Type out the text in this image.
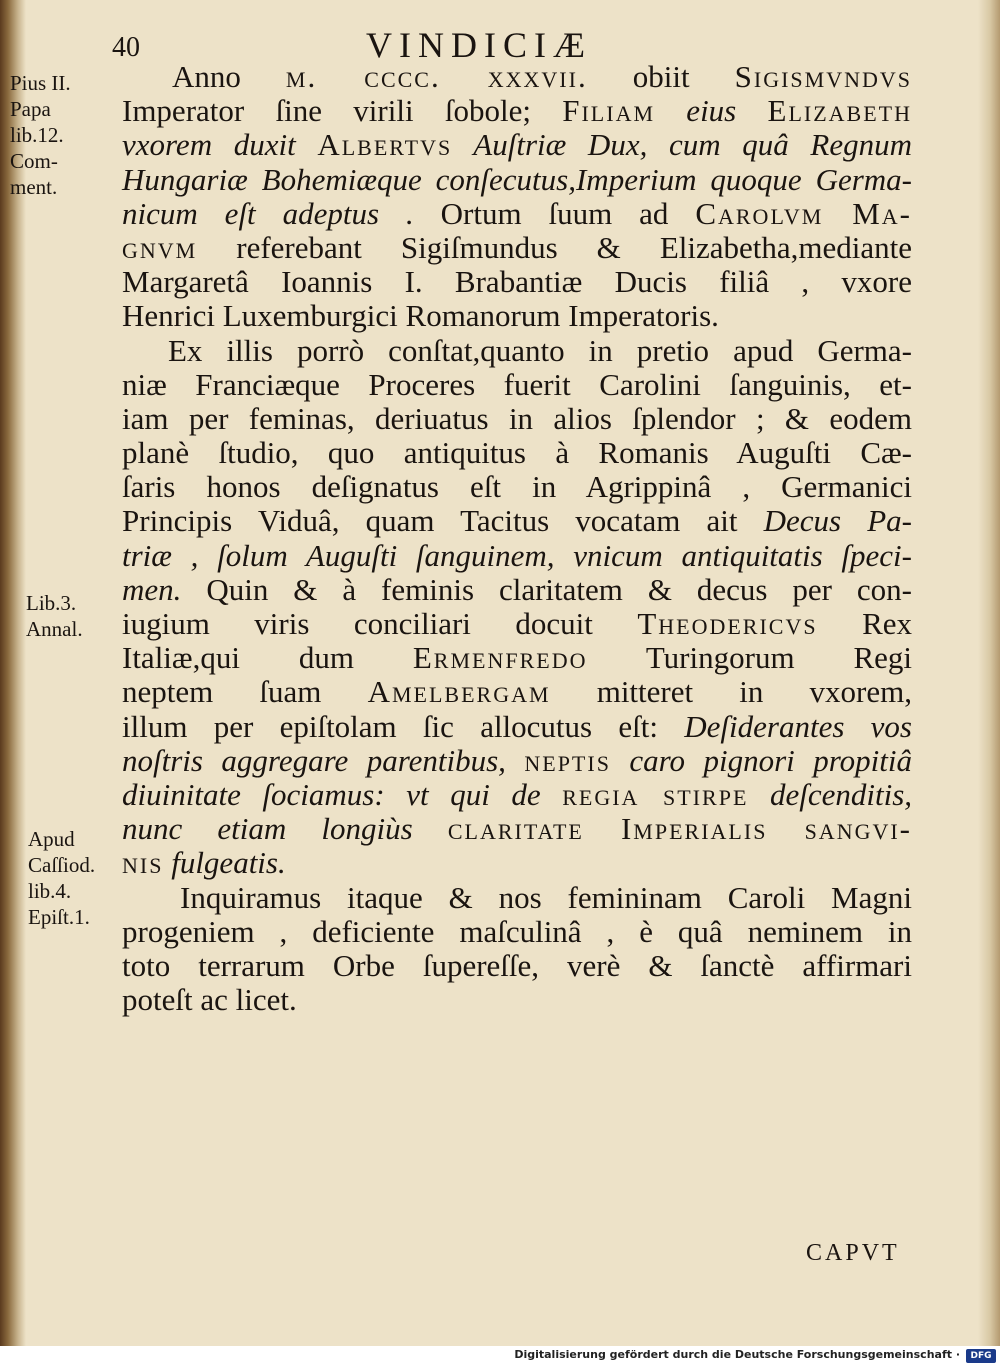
40	VINDICIÆ
Pius II.
Papa
lib.12.
Com-
ment.
Lib.3.
Annal.
Apud
Caſſiod.
lib.4.
Epiſt.1.
Anno m. cccc. xxxvii. obiit Sigismvndvs
Imperator ſine virili ſobole; Filiam eius Elizabeth
vxorem duxit Albertvs Auſtriæ Dux, cum quâ Regnum
Hungariæ Bohemiæque conſecutus,Imperium quoque Germa-
nicum eſt adeptus . Ortum ſuum ad Carolvm Ma-
gnvm referebant Sigiſmundus & Elizabetha,mediante
Margaretâ Ioannis I. Brabantiæ Ducis filiâ , vxore
Henrici Luxemburgici Romanorum Imperatoris.
Ex illis porrò conſtat,quanto in pretio apud Germa-
niæ Franciæque Proceres fuerit Carolini ſanguinis, et-
iam per feminas, deriuatus in alios ſplendor ; & eodem
planè ſtudio, quo antiquitus à Romanis Auguſti Cæ-
ſaris honos deſignatus eſt in Agrippinâ , Germanici
Principis Viduâ, quam Tacitus vocatam ait Decus Pa-
triæ , ſolum Auguſti ſanguinem, vnicum antiquitatis ſpeci-
men. Quin & à feminis claritatem & decus per con-
iugium viris conciliari docuit Theodericvs Rex
Italiæ,qui dum Ermenfredo Turingorum Regi
neptem ſuam Amelbergam mitteret in vxorem,
illum per epiſtolam ſic allocutus eſt: Deſiderantes vos
noſtris aggregare parentibus, neptis caro pignori propitiâ
diuinitate ſociamus: vt qui de regia stirpe deſcenditis,
nunc etiam longiùs claritate Imperialis sangvi-
nis fulgeatis.
Inquiramus itaque & nos femininam Caroli Magni
progeniem , deficiente maſculinâ , è quâ neminem in
toto terrarum Orbe ſupereſſe, verè & ſanctè affirmari
poteſt ac licet.
CAPVT
Digitalisierung gefördert durch die Deutsche Forschungsgemeinschaft ·	DFG
